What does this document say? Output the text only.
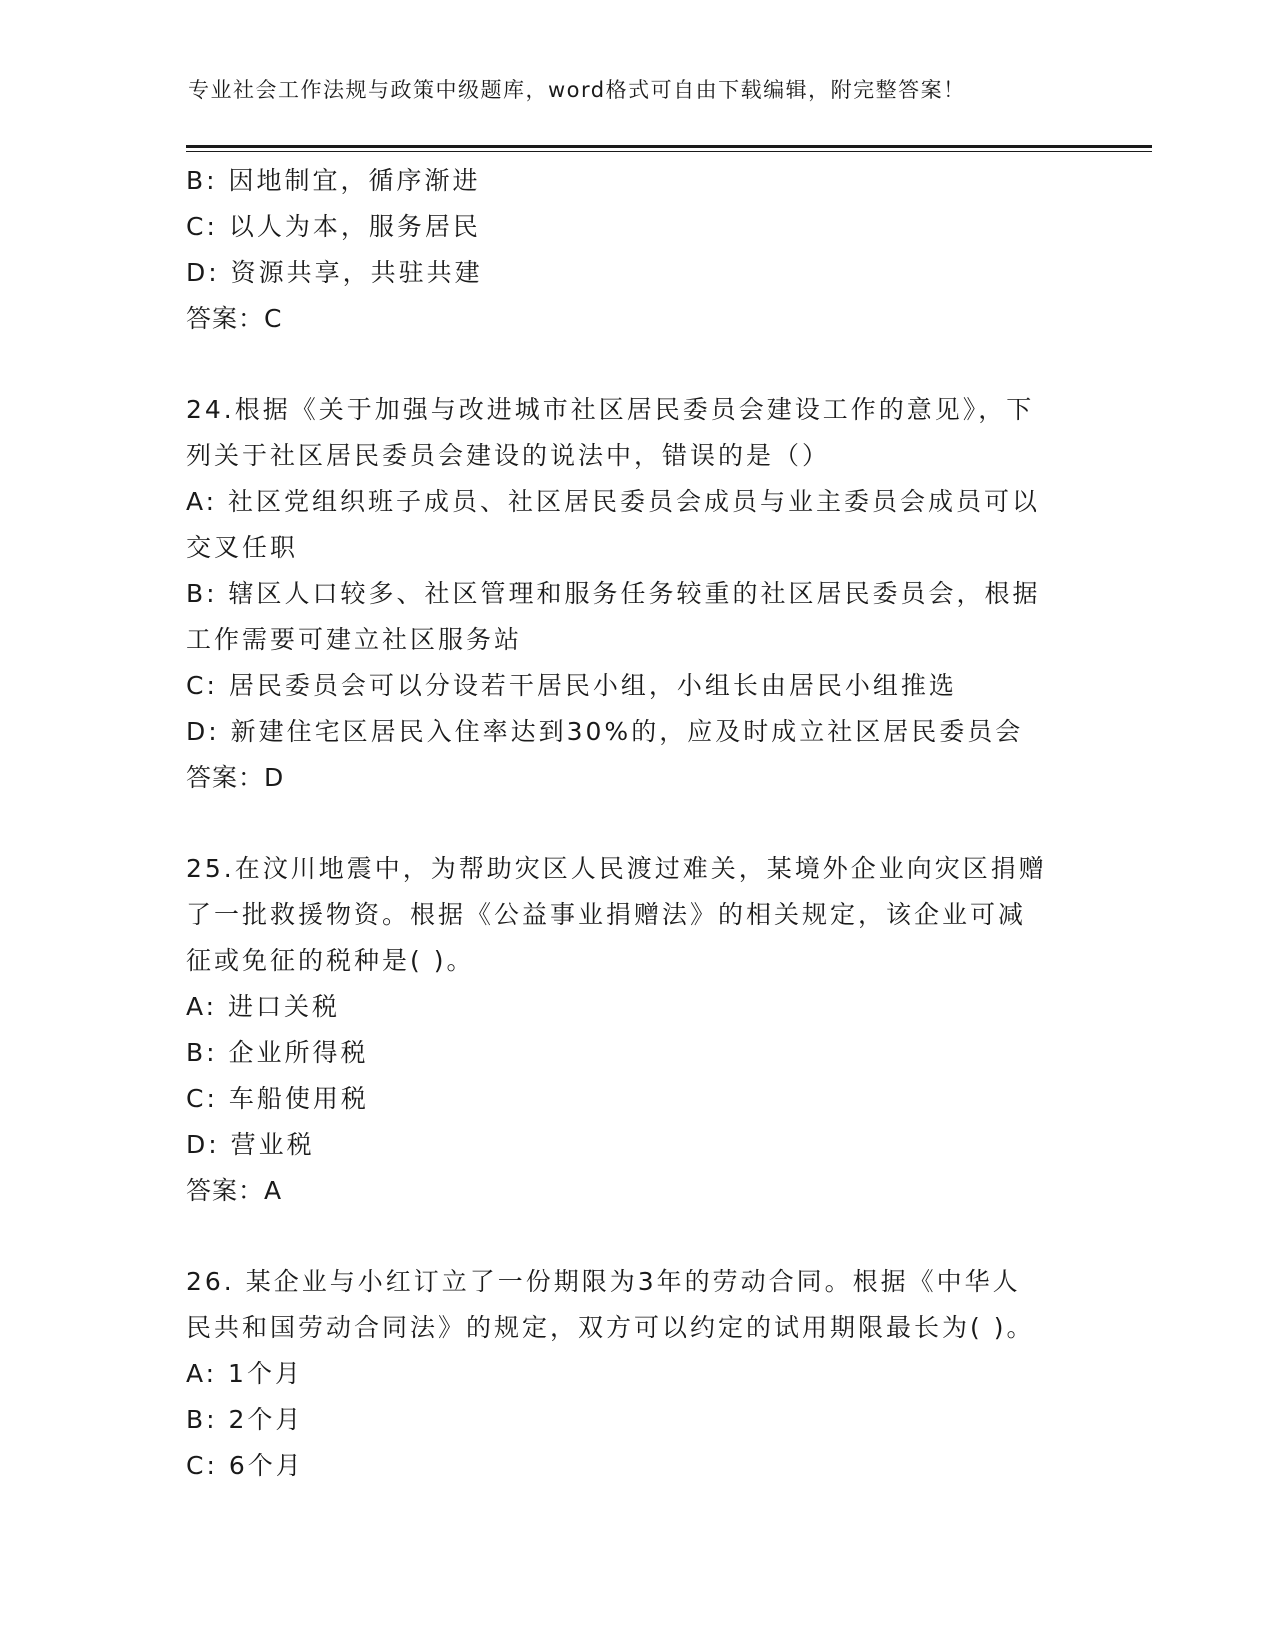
专业社会工作法规与政策中级题库，word格式可自由下载编辑，附完整答案！
B: 因地制宜，循序渐进
C: 以人为本，服务居民
D: 资源共享，共驻共建
答案：C
24.根据《关于加强与改进城市社区居民委员会建设工作的意见》，下
列关于社区居民委员会建设的说法中，错误的是（）
A: 社区党组织班子成员、社区居民委员会成员与业主委员会成员可以
交叉任职
B: 辖区人口较多、社区管理和服务任务较重的社区居民委员会，根据
工作需要可建立社区服务站
C: 居民委员会可以分设若干居民小组，小组长由居民小组推选
D: 新建住宅区居民入住率达到30%的，应及时成立社区居民委员会
答案：D
25.在汶川地震中，为帮助灾区人民渡过难关，某境外企业向灾区捐赠
了一批救援物资。根据《公益事业捐赠法》的相关规定，该企业可减
征或免征的税种是( )。
A: 进口关税
B: 企业所得税
C: 车船使用税
D: 营业税
答案：A
26. 某企业与小红订立了一份期限为3年的劳动合同。根据《中华人
民共和国劳动合同法》的规定，双方可以约定的试用期限最长为( )。
A: 1个月
B: 2个月
C: 6个月
